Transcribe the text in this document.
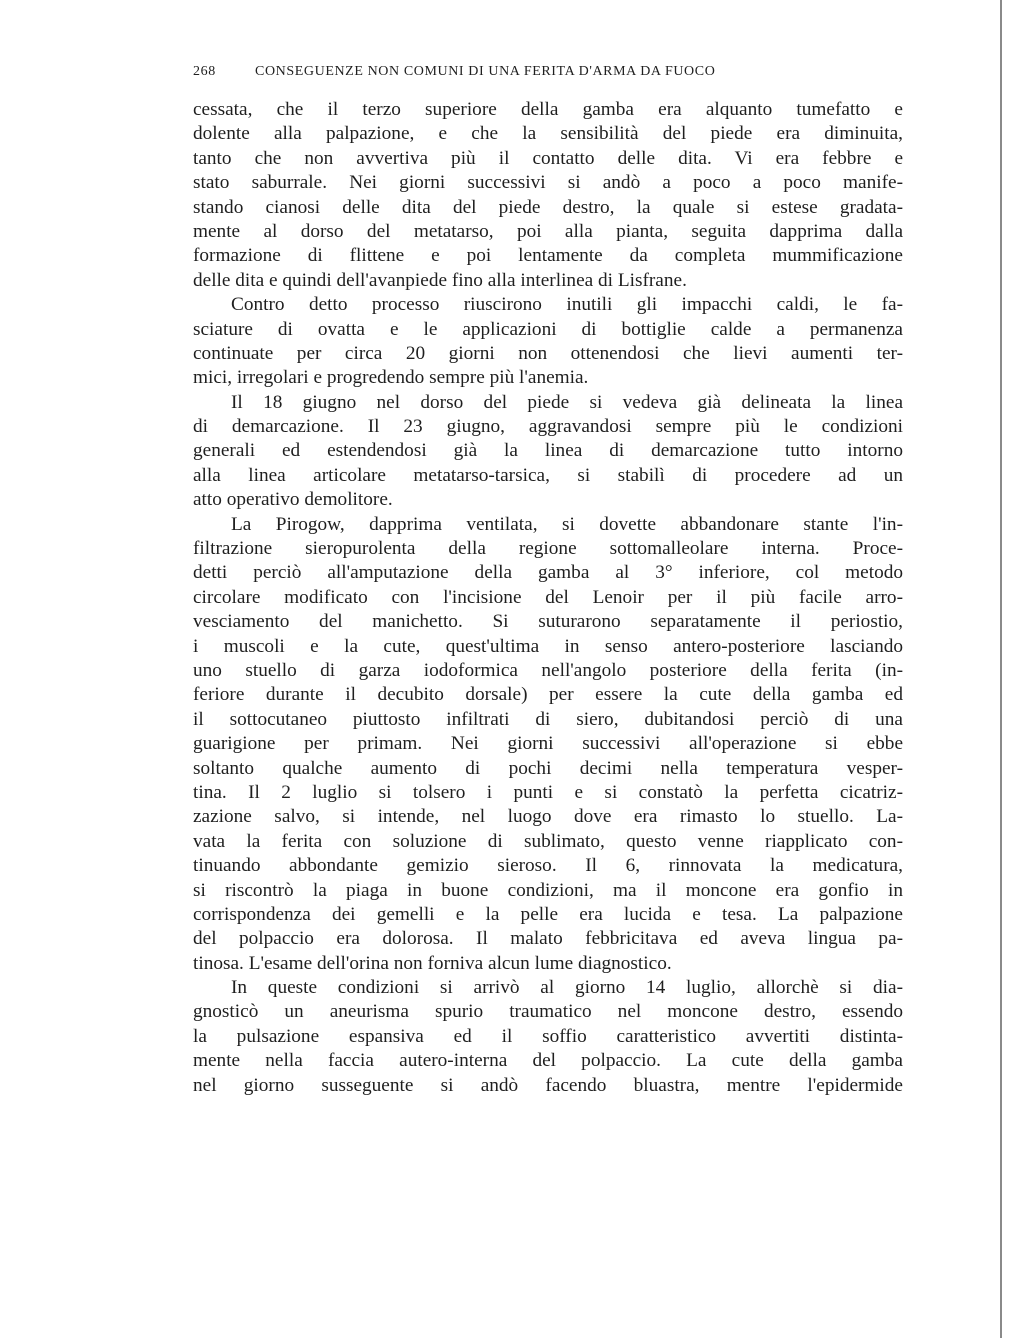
268	CONSEGUENZE NON COMUNI DI UNA FERITA D'ARMA DA FUOCO
cessata, che il terzo superiore della gamba era alquanto tumefatto e
dolente alla palpazione, e che la sensibilità del piede era diminuita,
tanto che non avvertiva più il contatto delle dita. Vi era febbre e
stato saburrale. Nei giorni successivi si andò a poco a poco manife-
stando cianosi delle dita del piede destro, la quale si estese gradata-
mente al dorso del metatarso, poi alla pianta, seguita dapprima dalla
formazione di flittene e poi lentamente da completa mummificazione
delle dita e quindi dell'avanpiede fino alla interlinea di Lisfrane.
Contro detto processo riuscirono inutili gli impacchi caldi, le fa-
sciature di ovatta e le applicazioni di bottiglie calde a permanenza
continuate per circa 20 giorni non ottenendosi che lievi aumenti ter-
mici, irregolari e progredendo sempre più l'anemia.
Il 18 giugno nel dorso del piede si vedeva già delineata la linea
di demarcazione. Il 23 giugno, aggravandosi sempre più le condizioni
generali ed estendendosi già la linea di demarcazione tutto intorno
alla linea articolare metatarso-tarsica, si stabilì di procedere ad un
atto operativo demolitore.
La Pirogow, dapprima ventilata, si dovette abbandonare stante l'in-
filtrazione sieropurolenta della regione sottomalleolare interna. Proce-
detti perciò all'amputazione della gamba al 3° inferiore, col metodo
circolare modificato con l'incisione del Lenoir per il più facile arro-
vesciamento del manichetto. Si suturarono separatamente il periostio,
i muscoli e la cute, quest'ultima in senso antero-posteriore lasciando
uno stuello di garza iodoformica nell'angolo posteriore della ferita (in-
feriore durante il decubito dorsale) per essere la cute della gamba ed
il sottocutaneo piuttosto infiltrati di siero, dubitandosi perciò di una
guarigione per primam. Nei giorni successivi all'operazione si ebbe
soltanto qualche aumento di pochi decimi nella temperatura vesper-
tina. Il 2 luglio si tolsero i punti e si constatò la perfetta cicatriz-
zazione salvo, si intende, nel luogo dove era rimasto lo stuello. La-
vata la ferita con soluzione di sublimato, questo venne riapplicato con-
tinuando abbondante gemizio sieroso. Il 6, rinnovata la medicatura,
si riscontrò la piaga in buone condizioni, ma il moncone era gonfio in
corrispondenza dei gemelli e la pelle era lucida e tesa. La palpazione
del polpaccio era dolorosa. Il malato febbricitava ed aveva lingua pa-
tinosa. L'esame dell'orina non forniva alcun lume diagnostico.
In queste condizioni si arrivò al giorno 14 luglio, allorchè si dia-
gnosticò un aneurisma spurio traumatico nel moncone destro, essendo
la pulsazione espansiva ed il soffio caratteristico avvertiti distinta-
mente nella faccia autero-interna del polpaccio. La cute della gamba
nel giorno susseguente si andò facendo bluastra, mentre l'epidermide
